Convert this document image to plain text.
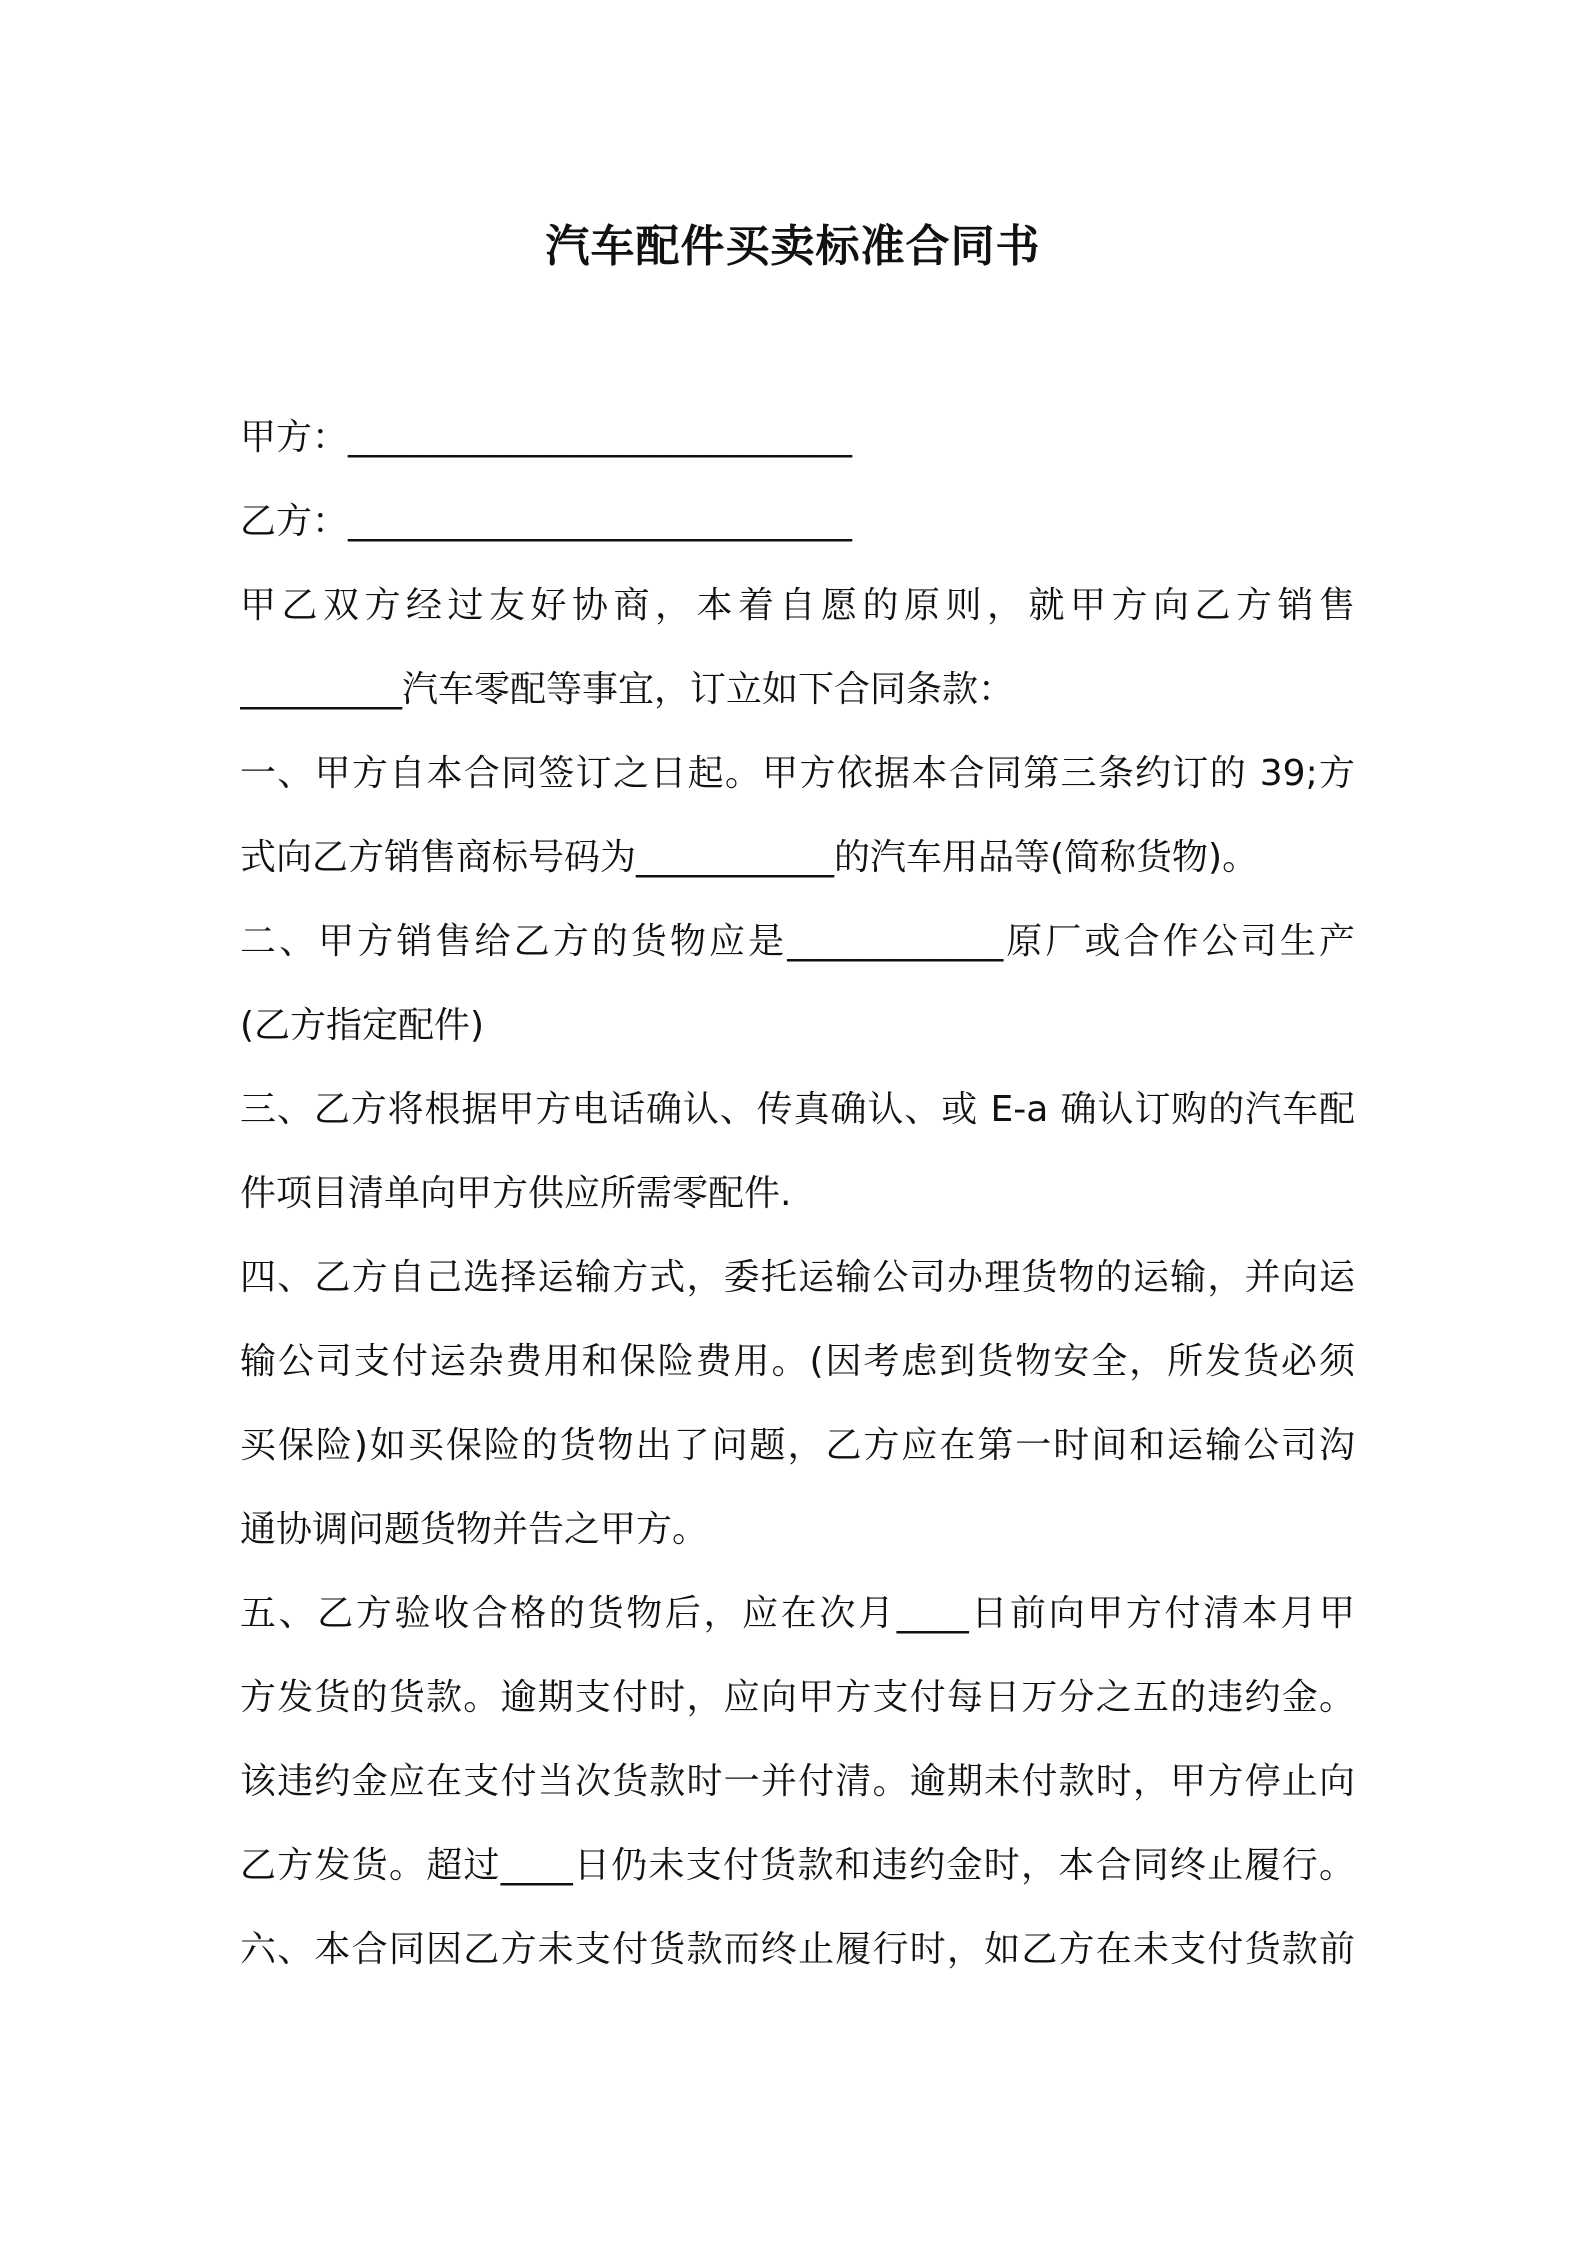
汽车配件买卖标准合同书
甲方：____________________________
乙方：____________________________
甲乙双方经过友好协商，本着自愿的原则，就甲方向乙方销售
_________汽车零配等事宜，订立如下合同条款：
一、甲方自本合同签订之日起。甲方依据本合同第三条约订的 39;方
式向乙方销售商标号码为___________的汽车用品等(简称货物)。
二、甲方销售给乙方的货物应是____________原厂或合作公司生产
(乙方指定配件)
三、乙方将根据甲方电话确认、传真确认、或 E-a 确认订购的汽车配
件项目清单向甲方供应所需零配件.
四、乙方自己选择运输方式，委托运输公司办理货物的运输，并向运
输公司支付运杂费用和保险费用。(因考虑到货物安全，所发货必须
买保险)如买保险的货物出了问题，乙方应在第一时间和运输公司沟
通协调问题货物并告之甲方。
五、乙方验收合格的货物后，应在次月____日前向甲方付清本月甲
方发货的货款。逾期支付时，应向甲方支付每日万分之五的违约金。
该违约金应在支付当次货款时一并付清。逾期未付款时，甲方停止向
乙方发货。超过____日仍未支付货款和违约金时，本合同终止履行。
六、本合同因乙方未支付货款而终止履行时，如乙方在未支付货款前
